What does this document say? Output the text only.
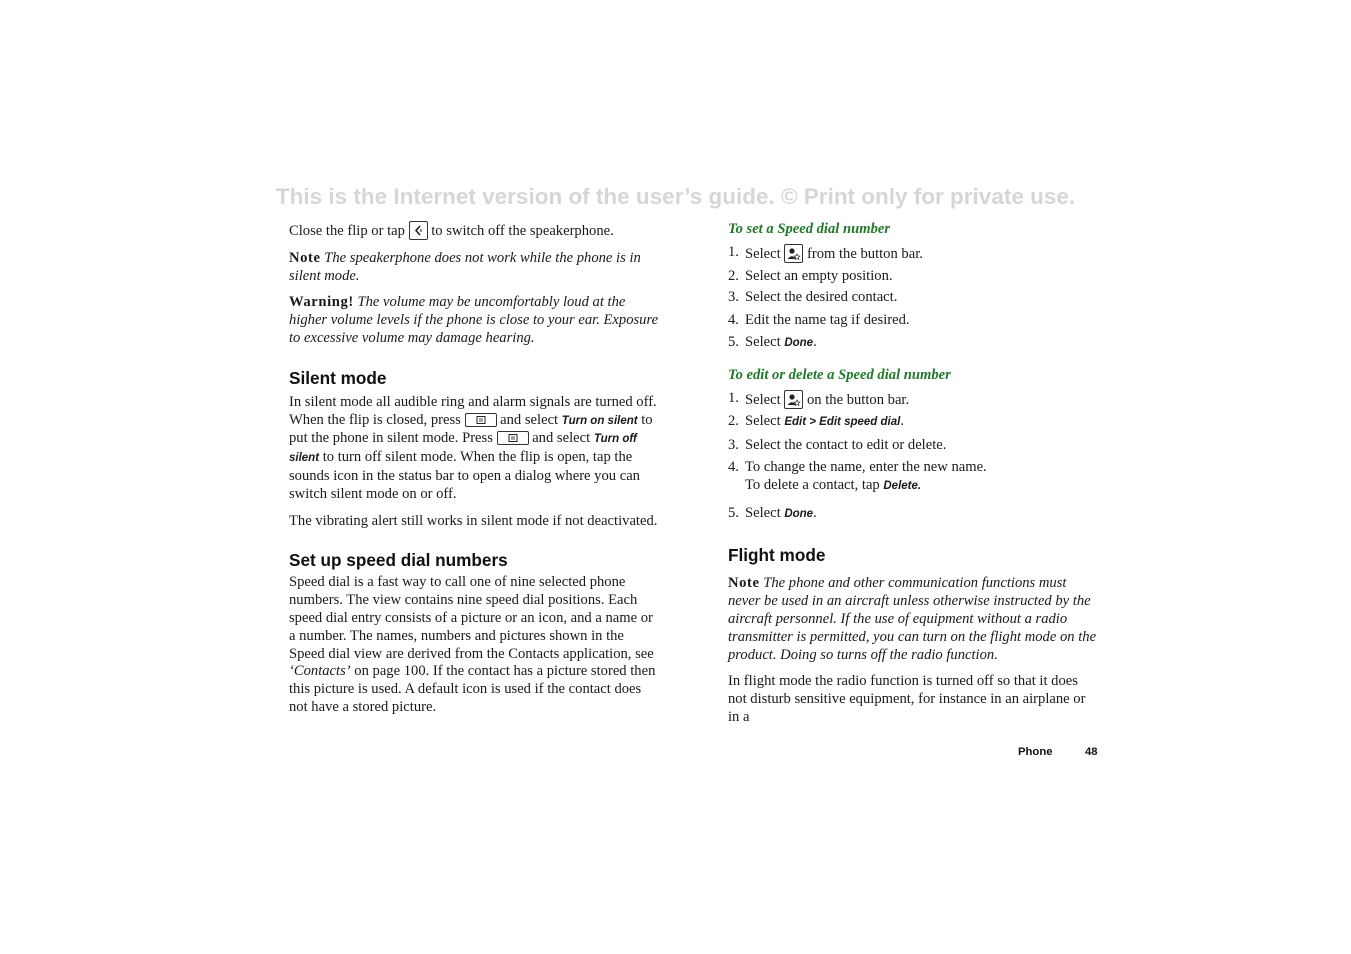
This is the Internet version of the user’s guide. © Print only for private use.

Close the flip or tap to switch off the speakerphone.

Note The speakerphone does not work while the phone is in silent mode.

Warning! The volume may be uncomfortably loud at the higher volume levels if the phone is close to your ear. Exposure to excessive volume may damage hearing.

Silent mode

In silent mode all audible ring and alarm signals are turned off. When the flip is closed, press	and select Turn on silent to put the phone in silent mode. Press	and select Turn off silent to turn off silent mode. When the flip is open, tap the sounds icon in the status bar to open a dialog where you can switch silent mode on or off.

The vibrating alert still works in silent mode if not deactivated.

Set up speed dial numbers

Speed dial is a fast way to call one of nine selected phone numbers. The view contains nine speed dial positions. Each speed dial entry consists of a picture or an icon, and a name or a number. The names, numbers and pictures shown in the Speed dial view are derived from the Contacts application, see ‘Contacts’ on page 100. If the contact has a picture stored then this picture is used. A default icon is used if the contact does not have a stored picture.

To set a Speed dial number

1. Select from the button bar.
2. Select an empty position.
3. Select the desired contact.
4. Edit the name tag if desired.
5. Select Done.

To edit or delete a Speed dial number

1. Select on the button bar.
2. Select Edit > Edit speed dial.
3. Select the contact to edit or delete.
4. To change the name, enter the new name.
To delete a contact, tap Delete.
5. Select Done.
Flight mode

Note The phone and other communication functions must never be used in an aircraft unless otherwise instructed by the aircraft personnel. If the use of equipment without a radio transmitter is permitted, you can turn on the flight mode on the product. Doing so turns off the radio function.

In flight mode the radio function is turned off so that it does not disturb sensitive equipment, for instance in an airplane or in a

Phone	48
